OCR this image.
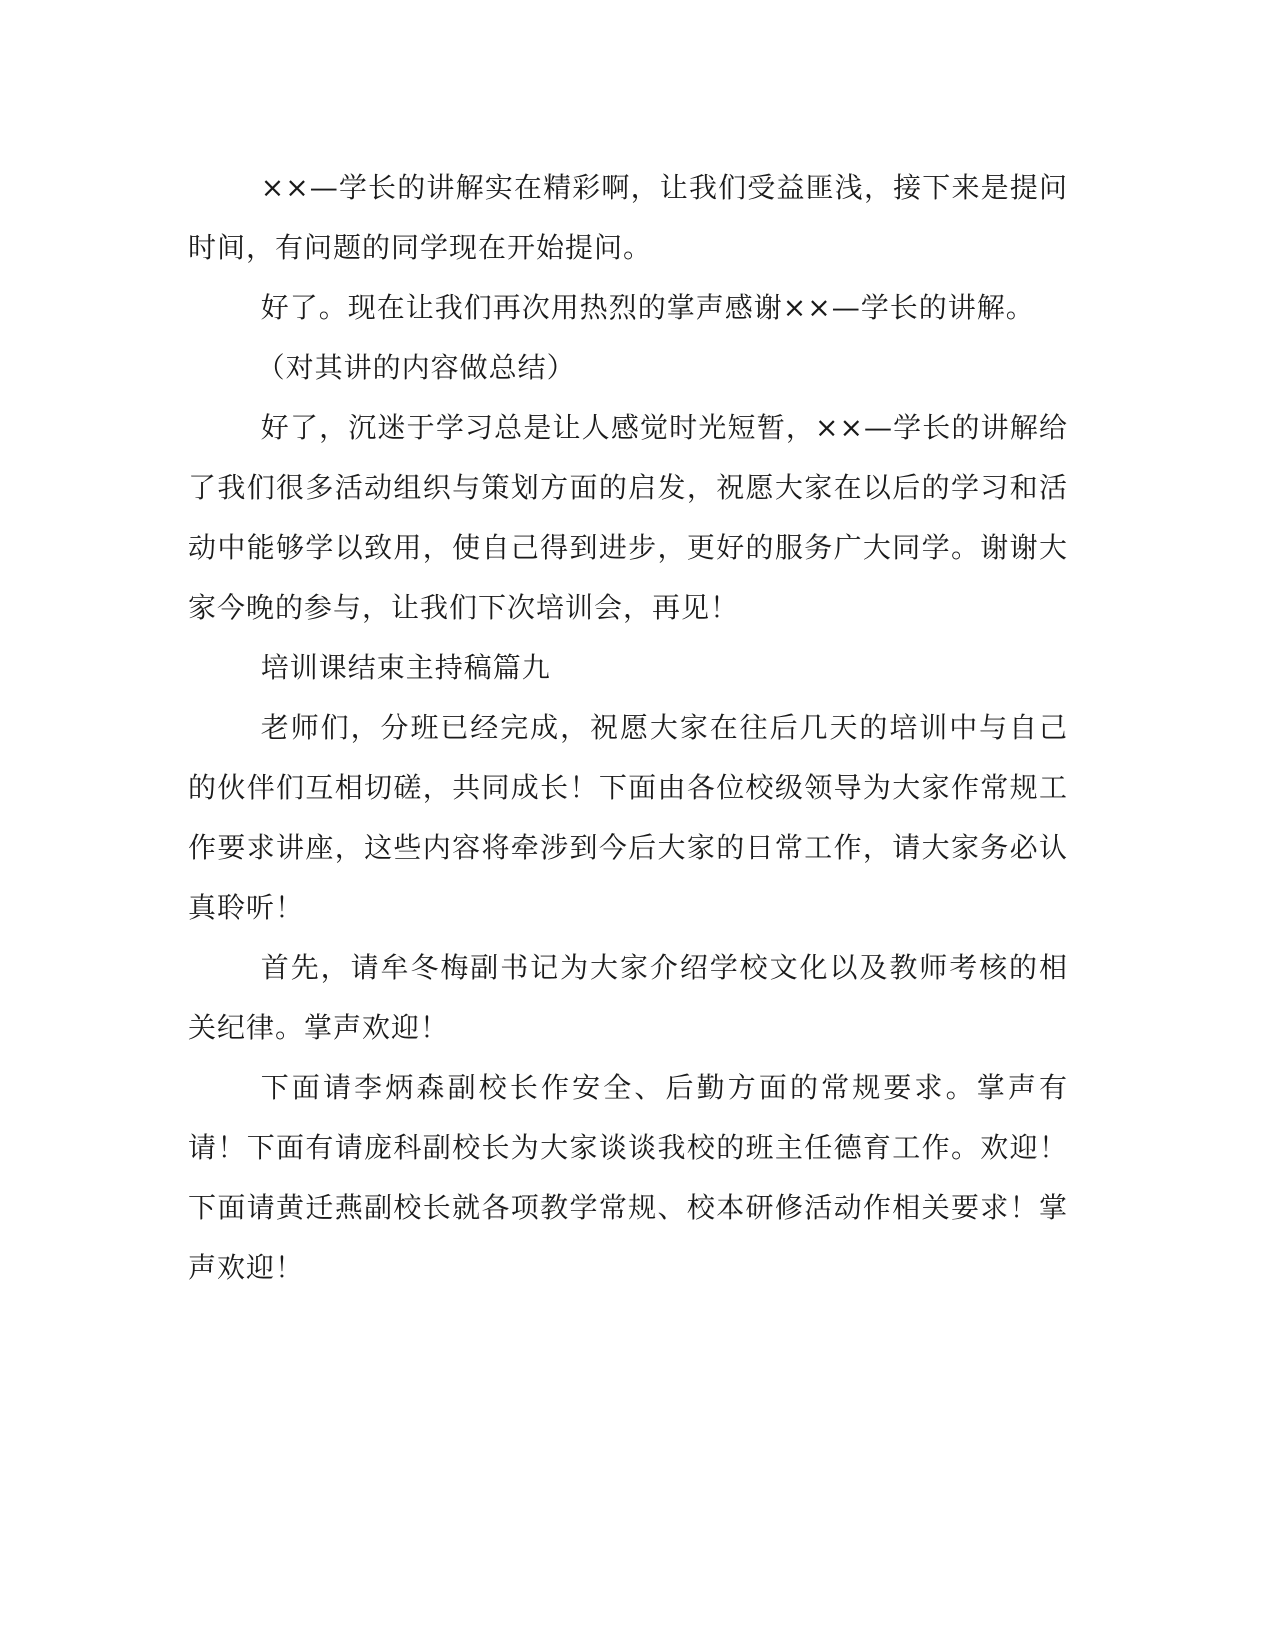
××—学长的讲解实在精彩啊，让我们受益匪浅，接下来是提问时间，有问题的同学现在开始提问。

好了。现在让我们再次用热烈的掌声感谢××—学长的讲解。

（对其讲的内容做总结）

好了，沉迷于学习总是让人感觉时光短暂，××—学长的讲解给了我们很多活动组织与策划方面的启发，祝愿大家在以后的学习和活动中能够学以致用，使自己得到进步，更好的服务广大同学。谢谢大家今晚的参与，让我们下次培训会，再见！

培训课结束主持稿篇九

老师们，分班已经完成，祝愿大家在往后几天的培训中与自己的伙伴们互相切磋，共同成长！下面由各位校级领导为大家作常规工作要求讲座，这些内容将牵涉到今后大家的日常工作，请大家务必认真聆听！

首先，请牟冬梅副书记为大家介绍学校文化以及教师考核的相关纪律。掌声欢迎！

下面请李炳森副校长作安全、后勤方面的常规要求。掌声有请！下面有请庞科副校长为大家谈谈我校的班主任德育工作。欢迎！下面请黄迁燕副校长就各项教学常规、校本研修活动作相关要求！掌声欢迎！
